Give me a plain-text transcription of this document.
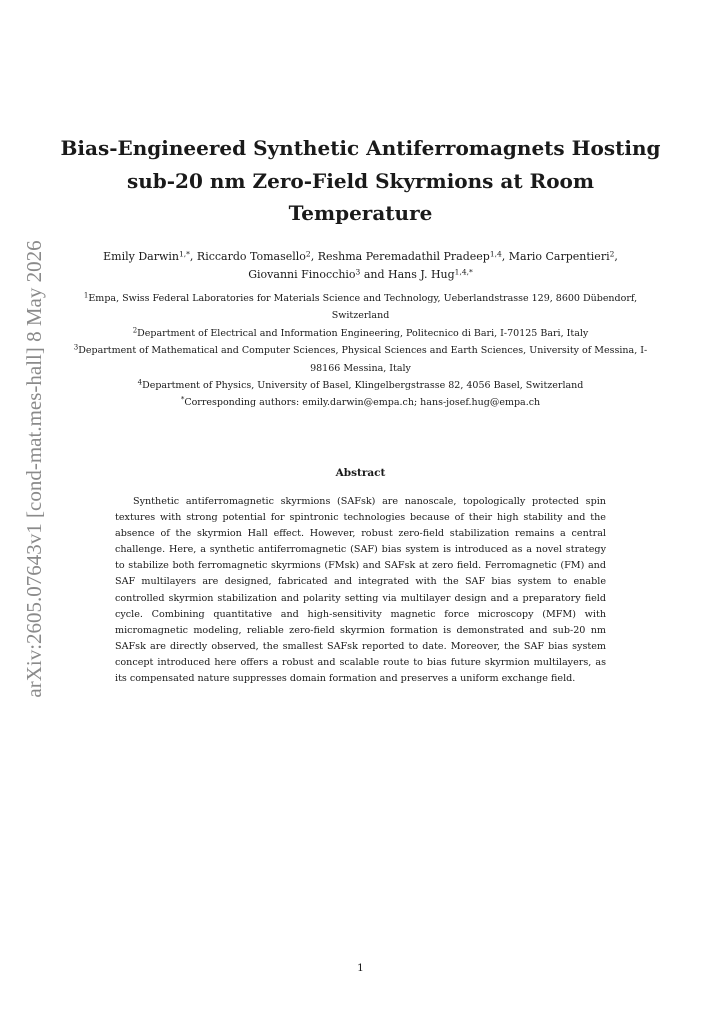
arXiv:2605.07643v1 [cond-mat.mes-hall] 8 May 2026
Bias-Engineered Synthetic Antiferromagnets Hosting sub-20 nm Zero-Field Skyrmions at Room Temperature
Emily Darwin$^{1,*}$, Riccardo Tomasello$^2$, Reshma Peremadathil Pradeep$^{1,4}$, Mario Carpentieri$^2$,
Giovanni Finocchio$^3$ and Hans J. Hug$^{1,4,*}$
$^1$Empa, Swiss Federal Laboratories for Materials Science and Technology, Ueberlandstrasse 129, 8600 Dübendorf, Switzerland
$^2$Department of Electrical and Information Engineering, Politecnico di Bari, I-70125 Bari, Italy
$^3$Department of Mathematical and Computer Sciences, Physical Sciences and Earth Sciences, University of Messina, I-98166 Messina, Italy
$^4$Department of Physics, University of Basel, Klingelbergstrasse 82, 4056 Basel, Switzerland
*Corresponding authors: emily.darwin@empa.ch; hans-josef.hug@empa.ch
Abstract

Synthetic antiferromagnetic skyrmions (SAFsk) are nanoscale, topologically protected spin textures with strong potential for spintronic technologies because of their high stability and the absence of the skyrmion Hall effect. However, robust zero-field stabilization remains a central challenge. Here, a synthetic antiferromagnetic (SAF) bias system is introduced as a novel strategy to stabilize both ferromagnetic skyrmions (FMsk) and SAFsk at zero field. Ferromagnetic (FM) and SAF multilayers are designed, fabricated and integrated with the SAF bias system to enable controlled skyrmion stabilization and polarity setting via multilayer design and a preparatory field cycle. Combining quantitative and high-sensitivity magnetic force microscopy (MFM) with micromagnetic modeling, reliable zero-field skyrmion formation is demonstrated and sub-20 nm SAFsk are directly observed, the smallest SAFsk reported to date. Moreover, the SAF bias system concept introduced here offers a robust and scalable route to bias future skyrmion multilayers, as its compensated nature suppresses domain formation and preserves a uniform exchange field.

1
